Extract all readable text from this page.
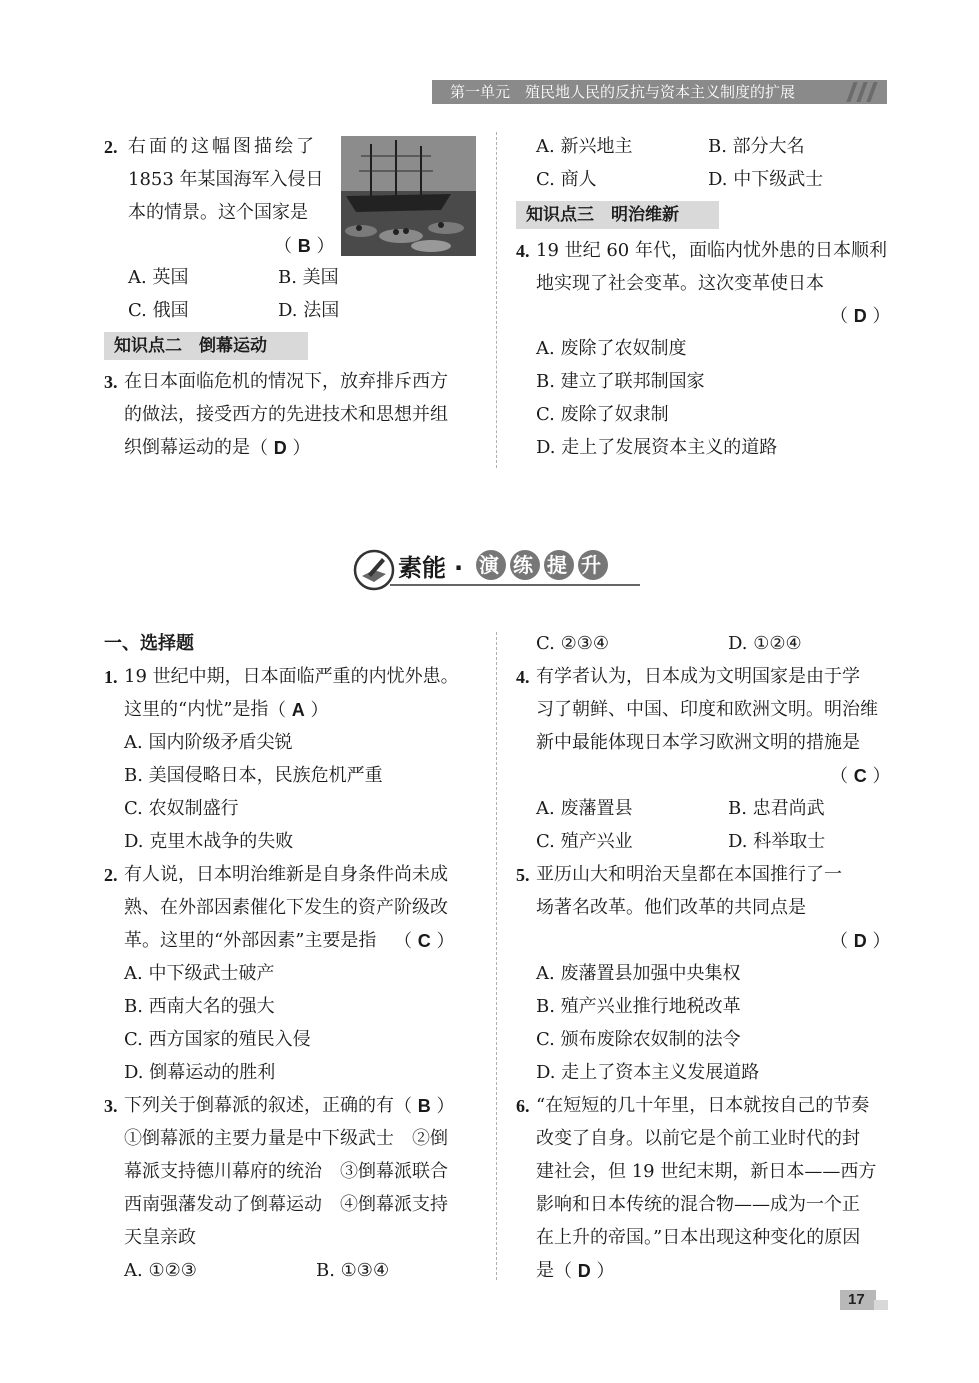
第一单元　殖民地人民的反抗与资本主义制度的扩展
2. 右面的这幅图描绘了
1853 年某国海军入侵日
本的情景。这个国家是
（ B ）
A. 英国	B. 美国
C. 俄国	D. 法国
知识点二　倒幕运动
3. 在日本面临危机的情况下，放弃排斥西方
的做法，接受西方的先进技术和思想并组
织倒幕运动的是 （ D ）
A. 新兴地主	B. 部分大名
C. 商人	D. 中下级武士
知识点三　明治维新
4. 19 世纪 60 年代，面临内忧外患的日本顺利
地实现了社会变革。这次变革使日本
（ D ）
A. 废除了农奴制度
B. 建立了联邦制国家
C. 废除了奴隶制
D. 走上了发展资本主义的道路
素能 · 演 练 提 升
一、选择题
1. 19 世纪中期，日本面临严重的内忧外患。
这里的“内忧”是指 （ A ）
A. 国内阶级矛盾尖锐
B. 美国侵略日本，民族危机严重
C. 农奴制盛行
D. 克里木战争的失败
2. 有人说，日本明治维新是自身条件尚未成
熟、在外部因素催化下发生的资产阶级改
革。这里的“外部因素”主要是指 （ C ）
A. 中下级武士破产
B. 西南大名的强大
C. 西方国家的殖民入侵
D. 倒幕运动的胜利
3. 下列关于倒幕派的叙述，正确的有 （ B ）
①倒幕派的主要力量是中下级武士　②倒
幕派支持德川幕府的统治　③倒幕派联合
西南强藩发动了倒幕运动　④倒幕派支持
天皇亲政
A. ①②③	B. ①③④
C. ②③④	D. ①②④
4. 有学者认为，日本成为文明国家是由于学
习了朝鲜、中国、印度和欧洲文明。明治维
新中最能体现日本学习欧洲文明的措施是
（ C ）
A. 废藩置县	B. 忠君尚武
C. 殖产兴业	D. 科举取士
5. 亚历山大和明治天皇都在本国推行了一
场著名改革。他们改革的共同点是
（ D ）
A. 废藩置县加强中央集权
B. 殖产兴业推行地税改革
C. 颁布废除农奴制的法令
D. 走上了资本主义发展道路
6. “在短短的几十年里，日本就按自己的节奏
改变了自身。以前它是个前工业时代的封
建社会，但 19 世纪末期，新日本——西方
影响和日本传统的混合物——成为一个正
在上升的帝国。”日本出现这种变化的原因
是 （ D ）
17
